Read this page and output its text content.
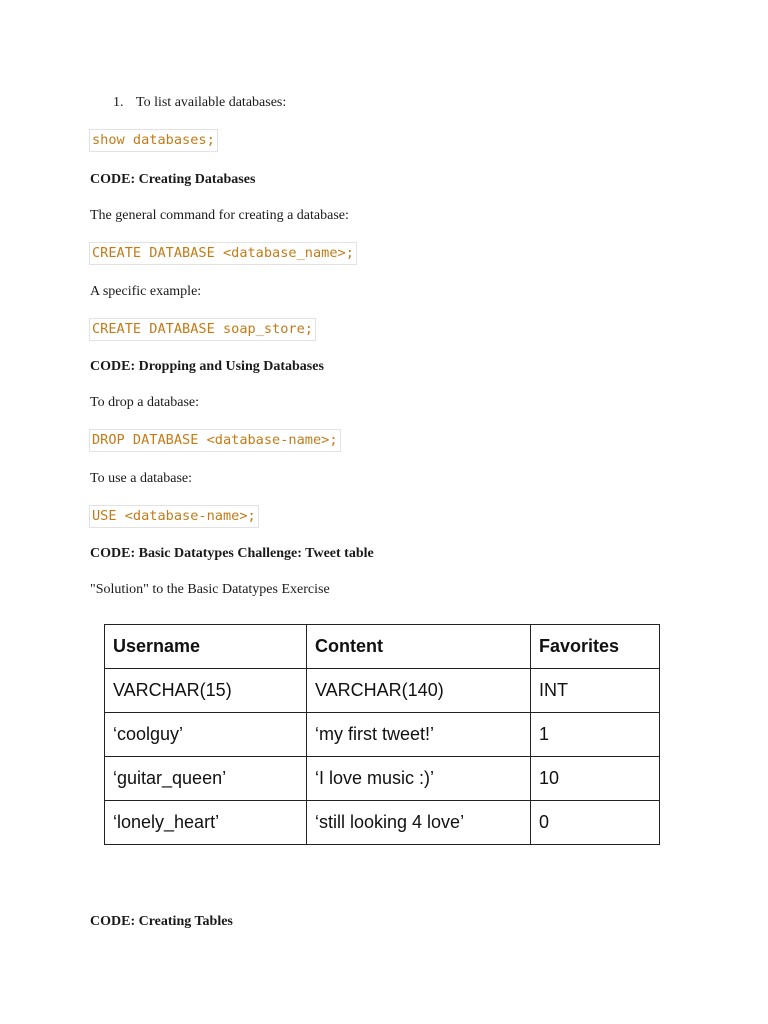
1. To list available databases:
show databases;
CODE: Creating Databases
The general command for creating a database:
CREATE DATABASE <database_name>;
A specific example:
CREATE DATABASE soap_store;
CODE: Dropping and Using Databases
To drop a database:
DROP DATABASE <database-name>;
To use a database:
USE <database-name>;
CODE: Basic Datatypes Challenge: Tweet table
"Solution" to the Basic Datatypes Exercise
Username	Content	Favorites
VARCHAR(15)	VARCHAR(140)	INT
‘coolguy’	‘my first tweet!’	1
‘guitar_queen’	‘I love music :)’	10
‘lonely_heart’	‘still looking 4 love’	0
CODE: Creating Tables
